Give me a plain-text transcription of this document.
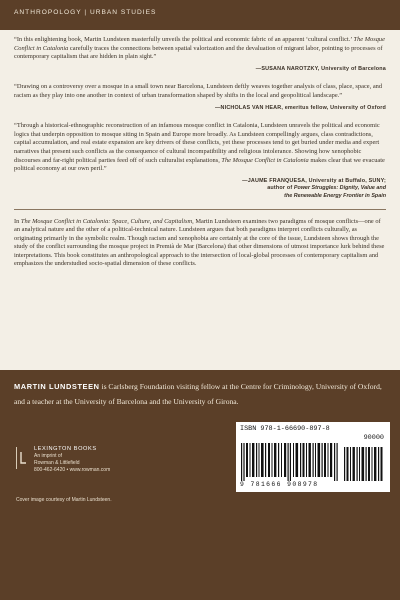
ANTHROPOLOGY | URBAN STUDIES

“In this enlightening book, Martin Lundsteen masterfully unveils the political and economic fabric of an apparent ‘cultural conflict.’ The Mosque Conflict in Catalonia carefully traces the connections between spatial valorization and the devaluation of migrant labor, pointing to processes of contemporary capitalism that are hidden in plain sight.”

—SUSANA NAROTZKY, University of Barcelona

“Drawing on a controversy over a mosque in a small town near Barcelona, Lundsteen deftly weaves together analysis of class, place, space, and racism as they play into one another in context of urban transformation shaped by shifts in the local and geopolitical landscape.”

—NICHOLAS VAN HEAR, emeritus fellow, University of Oxford

“Through a historical-ethnographic reconstruction of an infamous mosque conflict in Catalonia, Lundsteen unravels the political and economic logics that underpin opposition to mosque siting in Spain and Europe more broadly. As Lundsteen compellingly argues, class contradictions, capital accumulation, and real estate expansion are key drivers of these conflicts, yet these processes tend to get buried under media and expert narratives that present such conflicts as the consequence of cultural incompatibility and religious intolerance. Showing how xenophobic discourses and far-right political parties feed off of such culturalist explanations, The Mosque Conflict in Catalonia makes clear that we evacuate political economy at our own peril.”

—JAUME FRANQUESA, University at Buffalo, SUNY;
author of Power Struggles: Dignity, Value and
the Renewable Energy Frontier in Spain

In The Mosque Conflict in Catalonia: Space, Culture, and Capitalism, Martin Lundsteen examines two paradigms of mosque conflicts—one of an analytical nature and the other of a political-technical nature. Lundsteen argues that both paradigms interpret conflicts culturally, as originating primarily in the symbolic realm. Though racism and xenophobia are certainly at the core of the issue, Lundsteen shows through the study of the conflict surrounding the mosque project in Premià de Mar (Barcelona) that other dimensions of utmost importance lurk behind these interpretations. This book constitutes an anthropological approach to the intersection of local-global processes of contemporary capitalism and emphasizes the understudied socio-spatial dimension of these conflicts.

MARTIN LUNDSTEEN is Carlsberg Foundation visiting fellow at the Centre for Criminology, University of Oxford, and a teacher at the University of Barcelona and the University of Girona.

LEXINGTON BOOKS
An imprint of
Rowman & Littlefield
800-462-6420 • www.rowman.com
Cover image courtesy of Martin Lundsteen.
ISBN 978-1-66690-897-8
90000
9 781666 908978
